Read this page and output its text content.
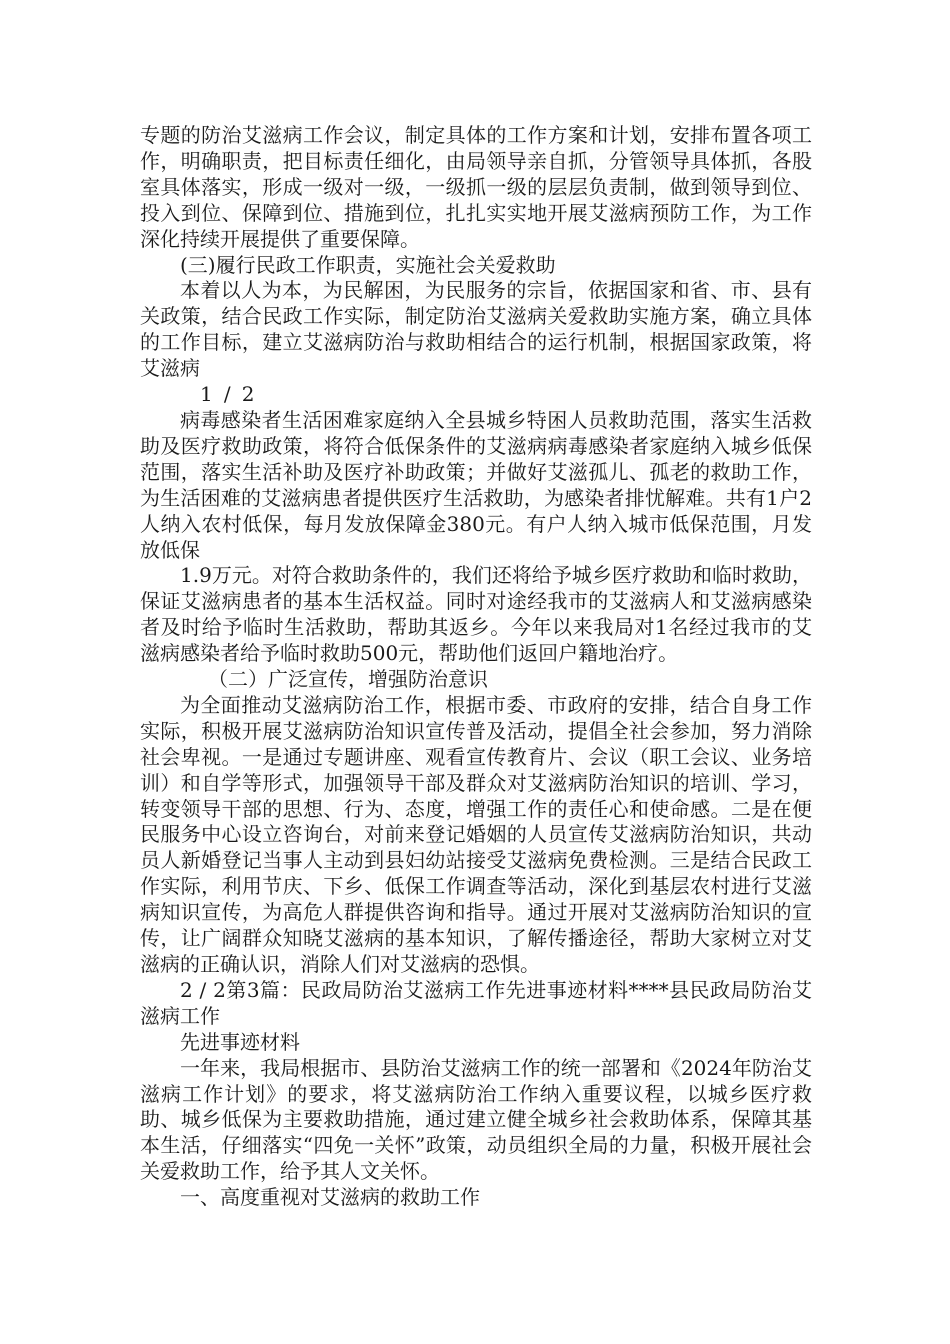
专题的防治艾滋病工作会议，制定具体的工作方案和计划，安排布置各项工作，明确职责，把目标责任细化，由局领导亲自抓，分管领导具体抓，各股室具体落实，形成一级对一级，一级抓一级的层层负责制，做到领导到位、投入到位、保障到位、措施到位，扎扎实实地开展艾滋病预防工作，为工作深化持续开展提供了重要保障。

(三)履行民政工作职责，实施社会关爱救助

本着以人为本，为民解困，为民服务的宗旨，依据国家和省、市、县有关政策，结合民政工作实际，制定防治艾滋病关爱救助实施方案，确立具体的工作目标，建立艾滋病防治与救助相结合的运行机制，根据国家政策，将艾滋病

1 / 2

病毒感染者生活困难家庭纳入全县城乡特困人员救助范围，落实生活救助及医疗救助政策，将符合低保条件的艾滋病病毒感染者家庭纳入城乡低保范围，落实生活补助及医疗补助政策；并做好艾滋孤儿、孤老的救助工作，为生活困难的艾滋病患者提供医疗生活救助，为感染者排忧解难。共有1户2人纳入农村低保，每月发放保障金380元。有户人纳入城市低保范围，月发放低保

1.9万元。对符合救助条件的，我们还将给予城乡医疗救助和临时救助，保证艾滋病患者的基本生活权益。同时对途经我市的艾滋病人和艾滋病感染者及时给予临时生活救助，帮助其返乡。今年以来我局对1名经过我市的艾滋病感染者给予临时救助500元，帮助他们返回户籍地治疗。

（二）广泛宣传，增强防治意识

为全面推动艾滋病防治工作，根据市委、市政府的安排，结合自身工作实际，积极开展艾滋病防治知识宣传普及活动，提倡全社会参加，努力消除社会卑视。一是通过专题讲座、观看宣传教育片、会议（职工会议、业务培训）和自学等形式，加强领导干部及群众对艾滋病防治知识的培训、学习，转变领导干部的思想、行为、态度，增强工作的责任心和使命感。二是在便民服务中心设立咨询台，对前来登记婚姻的人员宣传艾滋病防治知识，共动员人新婚登记当事人主动到县妇幼站接受艾滋病免费检测。三是结合民政工作实际，利用节庆、下乡、低保工作调查等活动，深化到基层农村进行艾滋病知识宣传，为高危人群提供咨询和指导。通过开展对艾滋病防治知识的宣传，让广阔群众知晓艾滋病的基本知识，了解传播途径，帮助大家树立对艾滋病的正确认识，消除人们对艾滋病的恐惧。

2 / 2第3篇：民政局防治艾滋病工作先进事迹材料****县民政局防治艾滋病工作

先进事迹材料

一年来，我局根据市、县防治艾滋病工作的统一部署和《2024年防治艾滋病工作计划》的要求，将艾滋病防治工作纳入重要议程，以城乡医疗救助、城乡低保为主要救助措施，通过建立健全城乡社会救助体系，保障其基本生活，仔细落实“四免一关怀”政策，动员组织全局的力量，积极开展社会关爱救助工作，给予其人文关怀。

一、高度重视对艾滋病的救助工作
